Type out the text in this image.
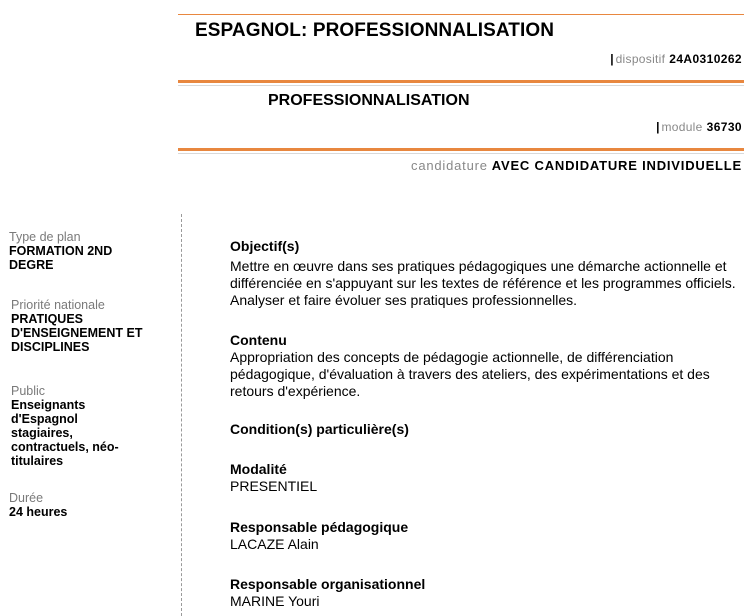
ESPAGNOL: PROFESSIONNALISATION
| dispositif 24A0310262
PROFESSIONNALISATION
| module 36730
candidature AVEC CANDIDATURE INDIVIDUELLE
Type de plan
FORMATION 2ND DEGRE
Priorité nationale
PRATIQUES D'ENSEIGNEMENT ET DISCIPLINES
Public
Enseignants d'Espagnol stagiaires, contractuels, néo-titulaires
Durée
24 heures
Objectif(s)
Mettre en œuvre dans ses pratiques pédagogiques une démarche actionnelle et différenciée en s'appuyant sur les textes de référence et les programmes officiels. Analyser et faire évoluer ses pratiques professionnelles.
Contenu
Appropriation des concepts de pédagogie actionnelle, de différenciation pédagogique, d'évaluation à travers des ateliers, des expérimentations et des retours d'expérience.
Condition(s) particulière(s)
Modalité
PRESENTIEL
Responsable pédagogique
LACAZE Alain
Responsable organisationnel
MARINE Youri
